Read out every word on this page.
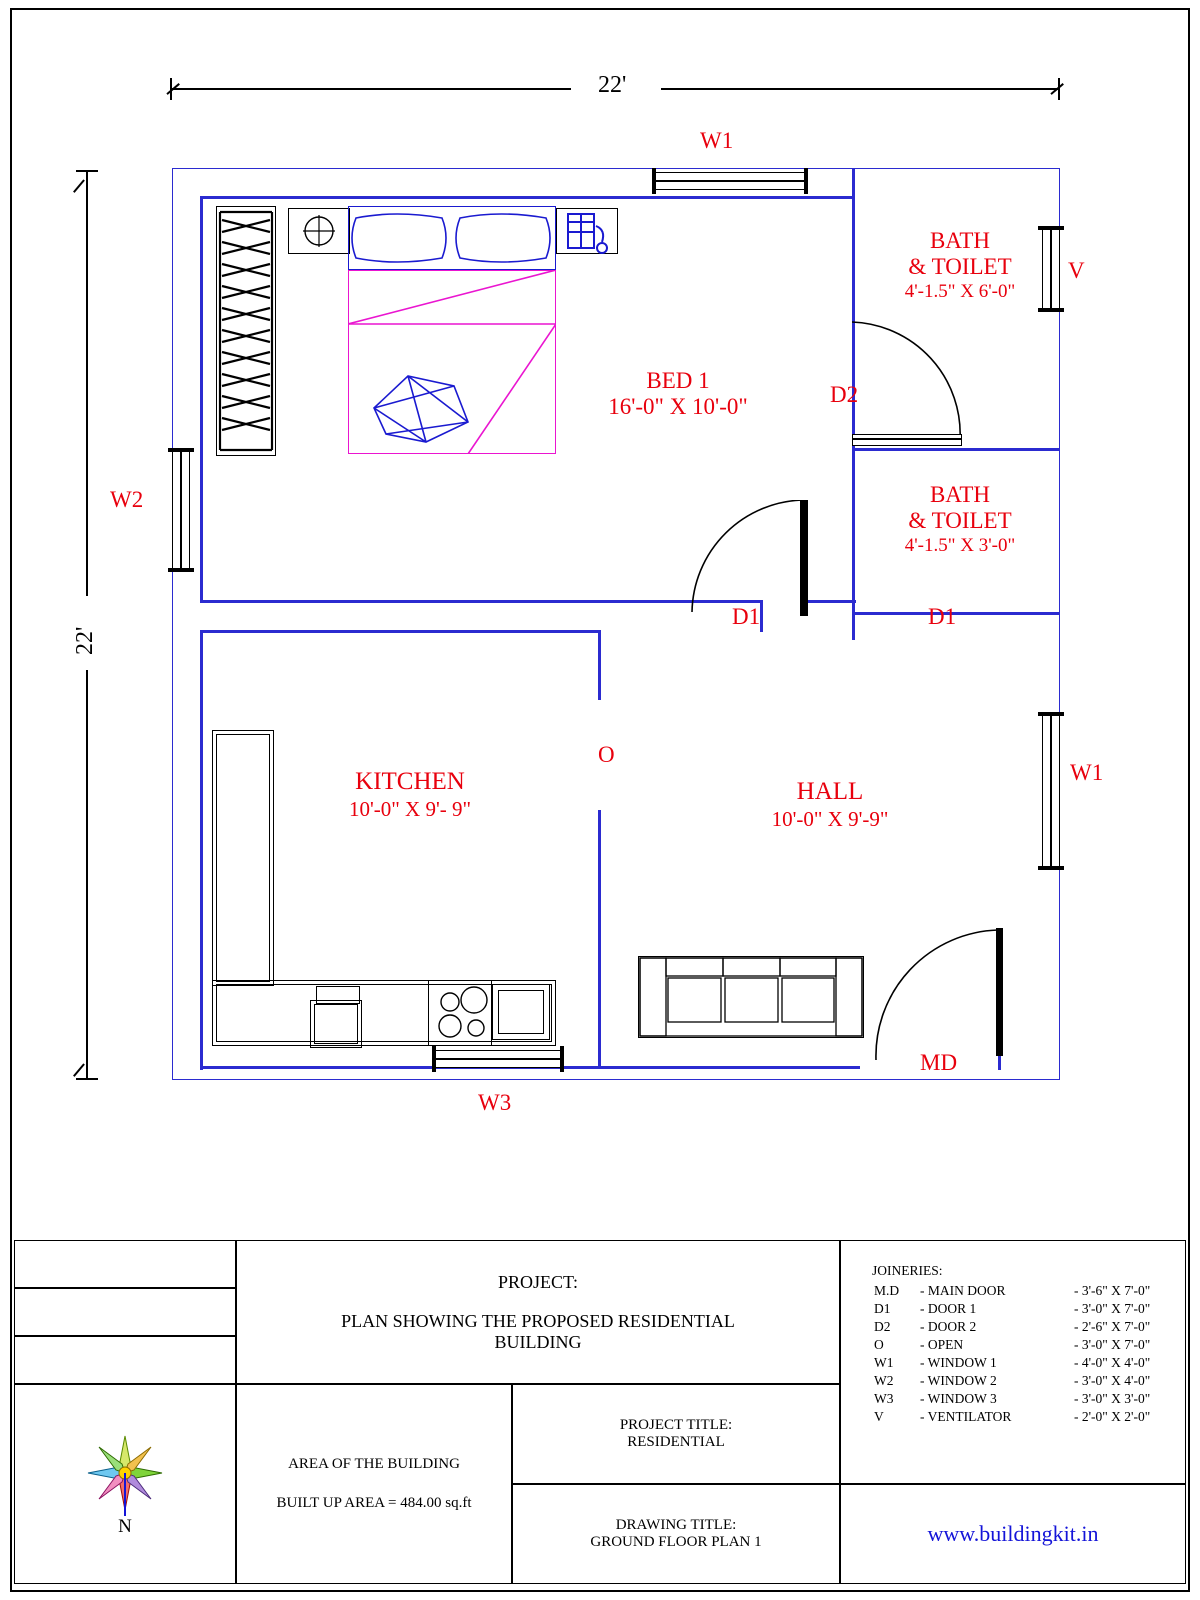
22'
22'
W1
W2
W1
V
W3
D2
D1	D1
MD
O
BED 1
16'-0" X 10'-0"
BATH
& TOILET
4'-1.5" X 6'-0"
BATH
& TOILET
4'-1.5" X 3'-0"
KITCHEN
10'-0" X 9'- 9"
HALL
10'-0" X 9'-9"
N
PROJECT:
PLAN SHOWING THE PROPOSED RESIDENTIAL
BUILDING
AREA OF THE BUILDING
BUILT UP AREA = 484.00 sq.ft
PROJECT TITLE:
RESIDENTIAL
DRAWING TITLE:
GROUND FLOOR PLAN 1
JOINERIES:
M.D	- MAIN DOOR	- 3'-6" X 7'-0"
D1	- DOOR 1	- 3'-0" X 7'-0"
D2	- DOOR 2	- 2'-6" X 7'-0"
O	- OPEN	- 3'-0" X 7'-0"
W1	- WINDOW 1	- 4'-0" X 4'-0"
W2	- WINDOW 2	- 3'-0" X 4'-0"
W3	- WINDOW 3	- 3'-0" X 3'-0"
V	- VENTILATOR	- 2'-0" X 2'-0"
www.buildingkit.in
